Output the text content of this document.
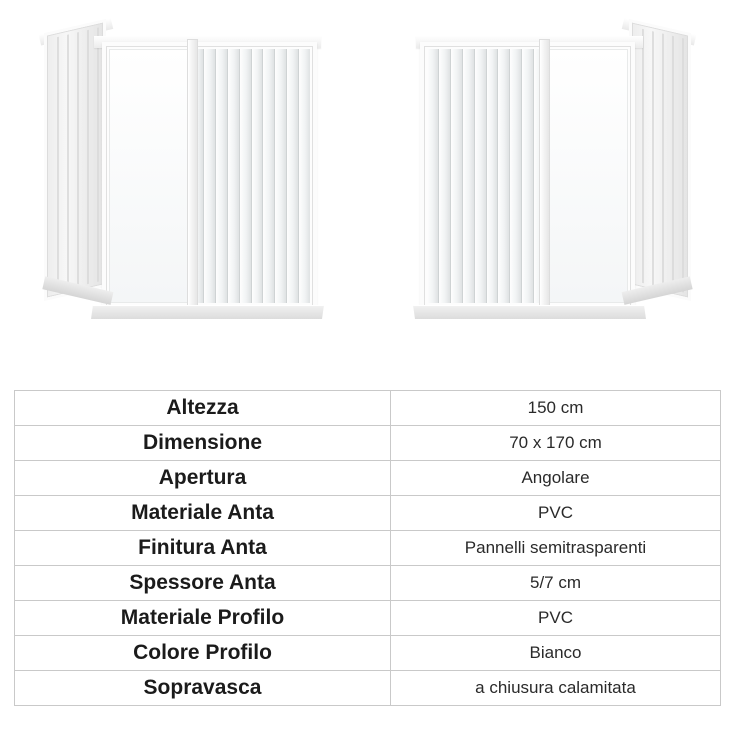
Altezza	150 cm
Dimensione	70 x 170 cm
Apertura	Angolare
Materiale Anta	PVC
Finitura Anta	Pannelli semitrasparenti
Spessore Anta	5/7 cm
Materiale Profilo	PVC
Colore Profilo	Bianco
Sopravasca	a chiusura calamitata
